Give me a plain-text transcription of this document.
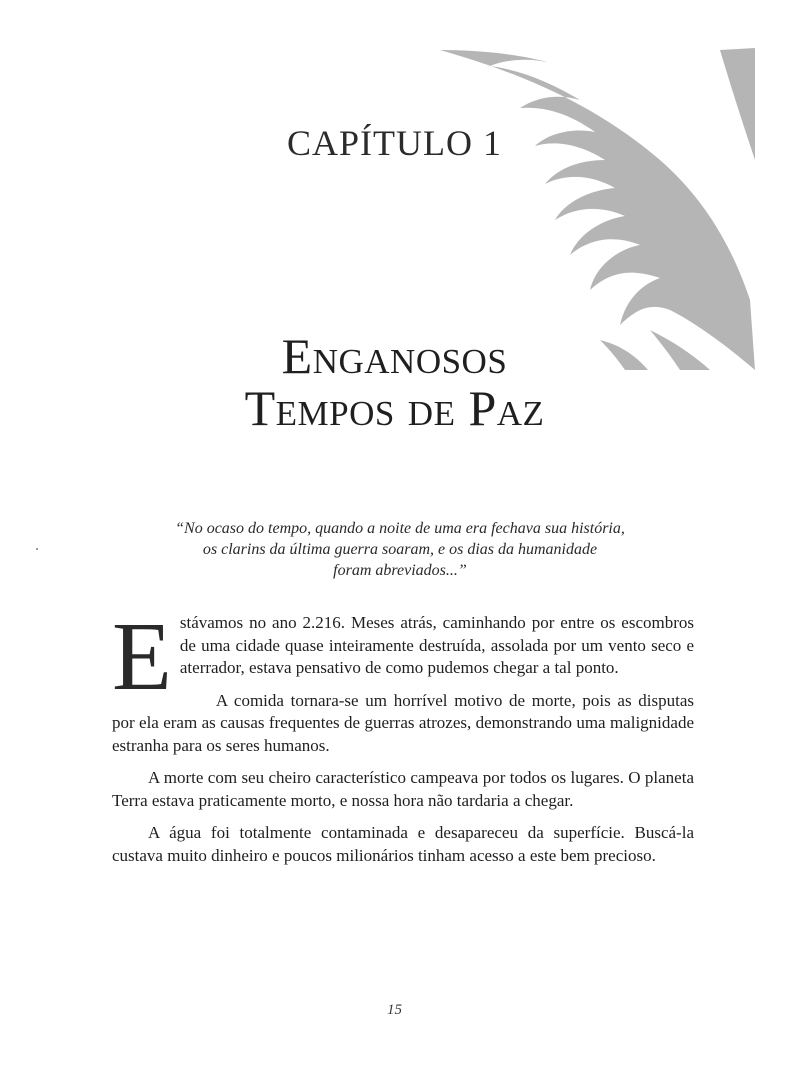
CAPÍTULO 1
Enganosos
Tempos de Paz
“No ocaso do tempo, quando a noite de uma era fechava sua história,
os clarins da última guerra soaram, e os dias da humanidade
foram abreviados...”

Estávamos no ano 2.216. Meses atrás, caminhando por entre os escombros de uma cidade quase inteiramente destruída, assolada por um vento seco e aterrador, estava pensativo de como pudemos chegar a tal ponto.

A comida tornara-se um horrível motivo de morte, pois as disputas por ela eram as causas frequentes de guerras atrozes, demonstrando uma malignidade estranha para os seres humanos.

A morte com seu cheiro característico campeava por todos os lugares. O planeta Terra estava praticamente morto, e nossa hora não tardaria a chegar.

A água foi totalmente contaminada e desapareceu da superfície. Buscá-la custava muito dinheiro e poucos milionários tinham acesso a este bem precioso.

15
